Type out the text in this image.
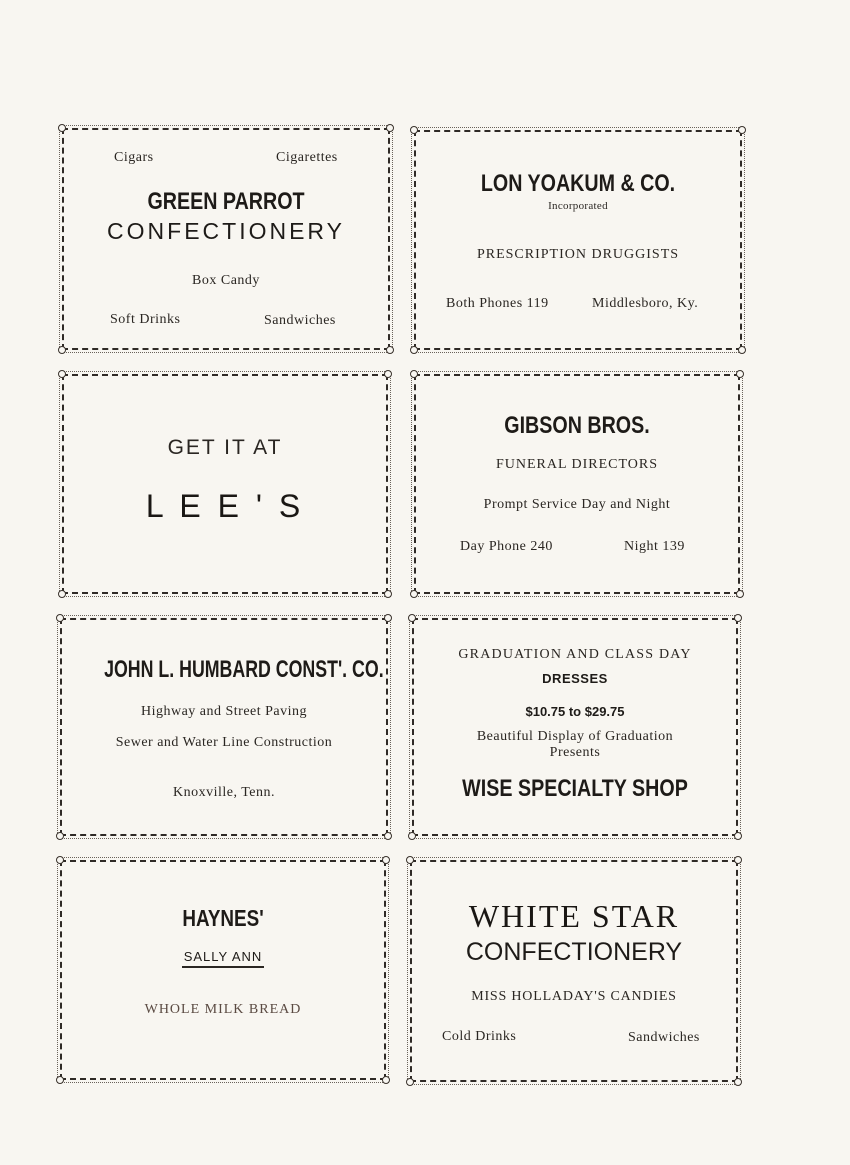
Cigars	Cigarettes
GREEN PARROT
CONFECTIONERY
Box Candy
Soft Drinks	Sandwiches
LON YOAKUM & CO.
Incorporated
PRESCRIPTION DRUGGISTS
Both Phones 119	Middlesboro, Ky.
GET IT AT
L E E ' S
GIBSON BROS.
FUNERAL DIRECTORS
Prompt Service Day and Night
Day Phone 240	Night 139
JOHN L. HUMBARD CONST'. CO.
Highway and Street Paving
Sewer and Water Line Construction
Knoxville, Tenn.
GRADUATION AND CLASS DAY
DRESSES
$10.75 to $29.75
Beautiful Display of Graduation
Presents
WISE SPECIALTY SHOP
HAYNES'
SALLY ANN
WHOLE MILK BREAD
WHITE STAR
CONFECTIONERY
MISS HOLLADAY'S CANDIES
Cold Drinks	Sandwiches
